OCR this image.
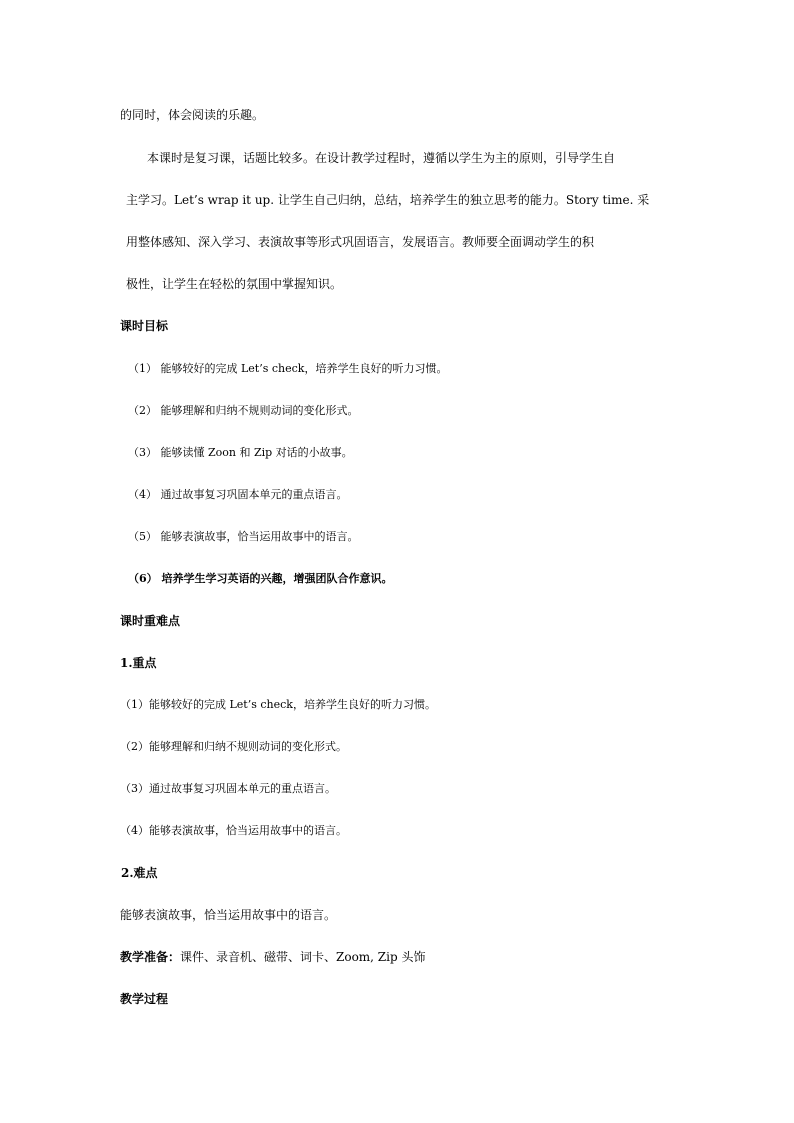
的同时，体会阅读的乐趣。
本课时是复习课，话题比较多。在设计教学过程时，遵循以学生为主的原则，引导学生自
主学习。Let’s wrap it up. 让学生自己归纳，总结，培养学生的独立思考的能力。Story time. 采
用整体感知、深入学习、表演故事等形式巩固语言，发展语言。教师要全面调动学生的积
极性，让学生在轻松的氛围中掌握知识。
课时目标
（1） 能够较好的完成 Let’s check，培养学生良好的听力习惯。
（2） 能够理解和归纳不规则动词的变化形式。
（3） 能够读懂 Zoon 和 Zip 对话的小故事。
（4） 通过故事复习巩固本单元的重点语言。
（5） 能够表演故事，恰当运用故事中的语言。
（6） 培养学生学习英语的兴趣，增强团队合作意识。
课时重难点
1.重点
（1）能够较好的完成 Let’s check，培养学生良好的听力习惯。
（2）能够理解和归纳不规则动词的变化形式。
（3）通过故事复习巩固本单元的重点语言。
（4）能够表演故事，恰当运用故事中的语言。
2.难点
能够表演故事，恰当运用故事中的语言。
教学准备：课件、录音机、磁带、词卡、Zoom, Zip 头饰
教学过程
